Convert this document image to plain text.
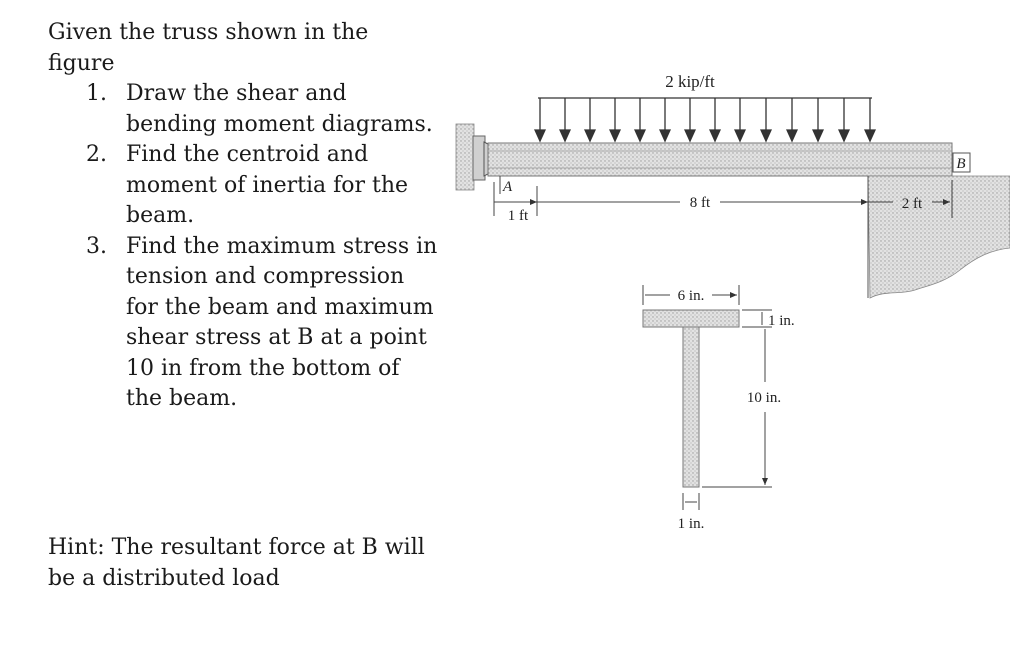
Given the truss shown in the figure

1. Draw the shear and bending moment diagrams.
2. Find the centroid and moment of inertia for the beam.
3. Find the maximum stress in tension and compression for the beam and maximum shear stress at B at a point 10 in from the bottom of the beam.

Hint: The resultant force at B will be a distributed load

2 kip/ft
A
B
1 ft
8 ft	2 ft
6 in.
1 in.
10 in.
1 in.
